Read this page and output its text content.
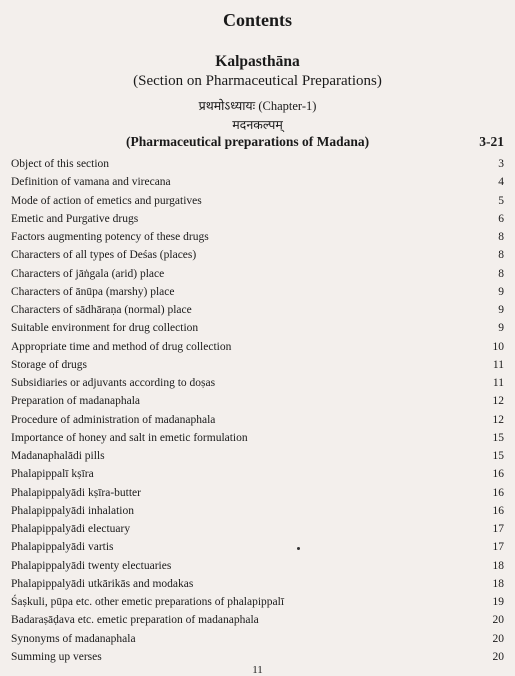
Contents
Kalpasthāna
(Section on Pharmaceutical Preparations)
प्रथमोऽध्यायः (Chapter-1)
मदनकल्पम्
(Pharmaceutical preparations of Madana)	3-21
Object of this section	3
Definition of vamana and virecana	4
Mode of action of emetics and purgatives	5
Emetic and Purgative drugs	6
Factors augmenting potency of these drugs	8
Characters of all types of Deśas (places)	8
Characters of jāṅgala (arid) place	8
Characters of ānūpa (marshy) place	9
Characters of sādhāraṇa (normal) place	9
Suitable environment for drug collection	9
Appropriate time and method of drug collection	10
Storage of drugs	11
Subsidiaries or adjuvants according to doṣas	11
Preparation of madanaphala	12
Procedure of administration of madanaphala	12
Importance of honey and salt in emetic formulation	15
Madanaphalādi pills	15
Phalapippalī kṣīra	16
Phalapippalyādi kṣīra-butter	16
Phalapippalyādi inhalation	16
Phalapippalyādi electuary	17
Phalapippalyādi vartis	17
Phalapippalyādi twenty electuaries	18
Phalapippalyādi utkārikās and modakas	18
Śaṣkuli, pūpa etc. other emetic preparations of phalapippalī	19
Badaraṣāḍava etc. emetic preparation of madanaphala	20
Synonyms of madanaphala	20
Summing up verses	20
11
